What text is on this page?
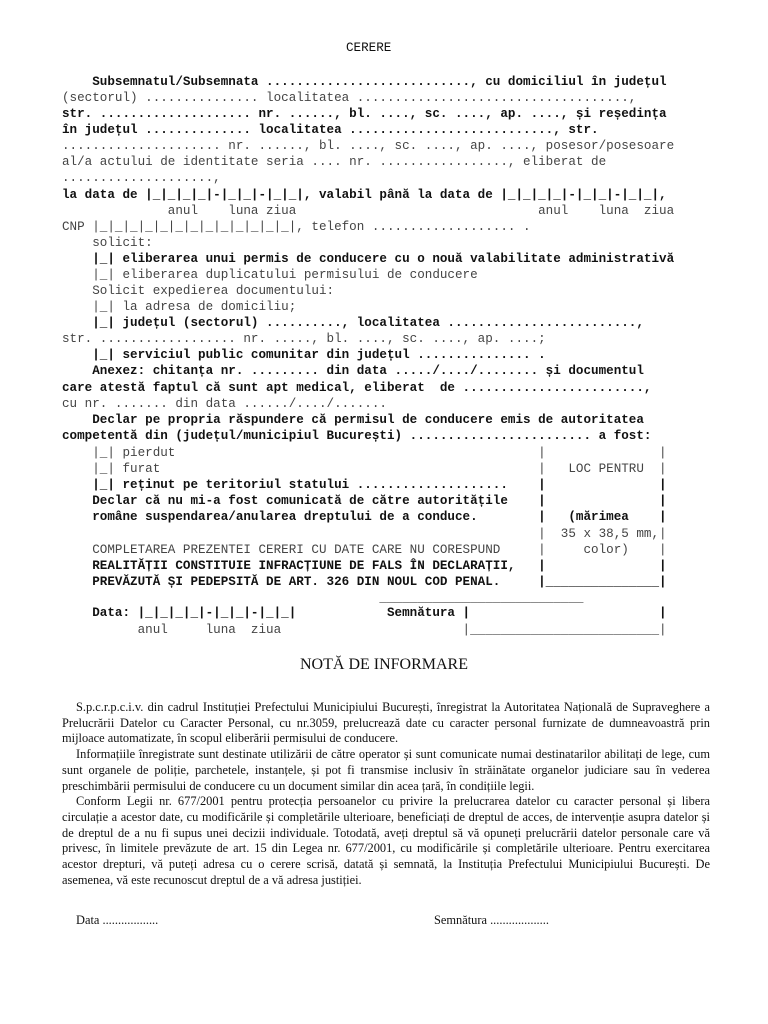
CERERE
Subsemnatul/Subsemnata ..........................., cu domiciliul în județul
(sectorul) ............... localitatea ....................................,
str. .................... nr. ......, bl. ...., sc. ...., ap. ...., și reședința
în județul .............. localitatea ..........................., str.
..................... nr. ......, bl. ...., sc. ...., ap. ...., posesor/posesoare
al/a actului de identitate seria .... nr. ................., eliberat de
....................,
la data de |_|_|_|_|-|_|_|-|_|_|, valabil până la data de |_|_|_|_|-|_|_|-|_|_|,
anul    luna ziua                                anul    luna  ziua
CNP |_|_|_|_|_|_|_|_|_|_|_|_|_|, telefon ................... .
solicit:
|_| eliberarea unui permis de conducere cu o nouă valabilitate administrativă
|_| eliberarea duplicatului permisului de conducere
Solicit expedierea documentului:
|_| la adresa de domiciliu;
|_| județul (sectorul) .........., localitatea .........................,
str. .................. nr. ....., bl. ...., sc. ...., ap. ....;
|_| serviciul public comunitar din județul ............... .
Anexez: chitanța nr. ......... din data ...../..../........ și documentul
care atestă faptul că sunt apt medical, eliberat  de ........................,
cu nr. ....... din data ....../..../.......
Declar pe propria răspundere că permisul de conducere emis de autoritatea
competentă din (județul/municipiul București) ........................ a fost:
|_| pierdut                                                |               |
|_| furat                                                  |   LOC PENTRU  |
|_| reținut pe teritoriul statului ....................    |               |
Declar că nu mi-a fost comunicată de către autoritățile    |               |
române suspendarea/anularea dreptului de a conduce.        |   (mărimea    |
|  35 x 38,5 mm,|
COMPLETAREA PREZENTEI CERERI CU DATE CARE NU CORESPUND     |     color)    |
REALITĂȚII CONSTITUIE INFRACȚIUNE DE FALS ÎN DECLARAȚII,   |               |
PREVĂZUTĂ ȘI PEDEPSITĂ DE ART. 326 DIN NOUL COD PENAL.     |_______________|
___________________________
Data: |_|_|_|_|-|_|_|-|_|_|            Semnătura |                         |
anul     luna  ziua                        |_________________________|
NOTĂ DE INFORMARE

S.p.c.r.p.c.i.v. din cadrul Instituției Prefectului Municipiului București, înregistrat la Autoritatea Națională de Supraveghere a Prelucrării Datelor cu Caracter Personal, cu nr.3059, prelucrează date cu caracter personal furnizate de dumneavoastră prin mijloace automatizate, în scopul eliberării permisului de conducere.

Informațiile înregistrate sunt destinate utilizării de către operator și sunt comunicate numai destinatarilor abilitați de lege, cum sunt organele de poliție, parchetele, instanțele, și pot fi transmise inclusiv în străinătate organelor judiciare sau în vederea preschimbării permisului de conducere cu un document similar din acea țară, în condițiile legii.

Conform Legii nr. 677/2001 pentru protecția persoanelor cu privire la prelucrarea datelor cu caracter personal și libera circulație a acestor date, cu modificările și completările ulterioare, beneficiați de dreptul de acces, de intervenție asupra datelor și de dreptul de a nu fi supus unei decizii individuale. Totodată, aveți dreptul să vă opuneți prelucrării datelor personale care vă privesc, în limitele prevăzute de art. 15 din Legea nr. 677/2001, cu modificările și completările ulterioare. Pentru exercitarea acestor drepturi, vă puteți adresa cu o cerere scrisă, datată și semnată, la Instituția Prefectului Municipiului București. De asemenea, vă este recunoscut dreptul de a vă adresa justiției.

Data ..................	Semnătura ...................
